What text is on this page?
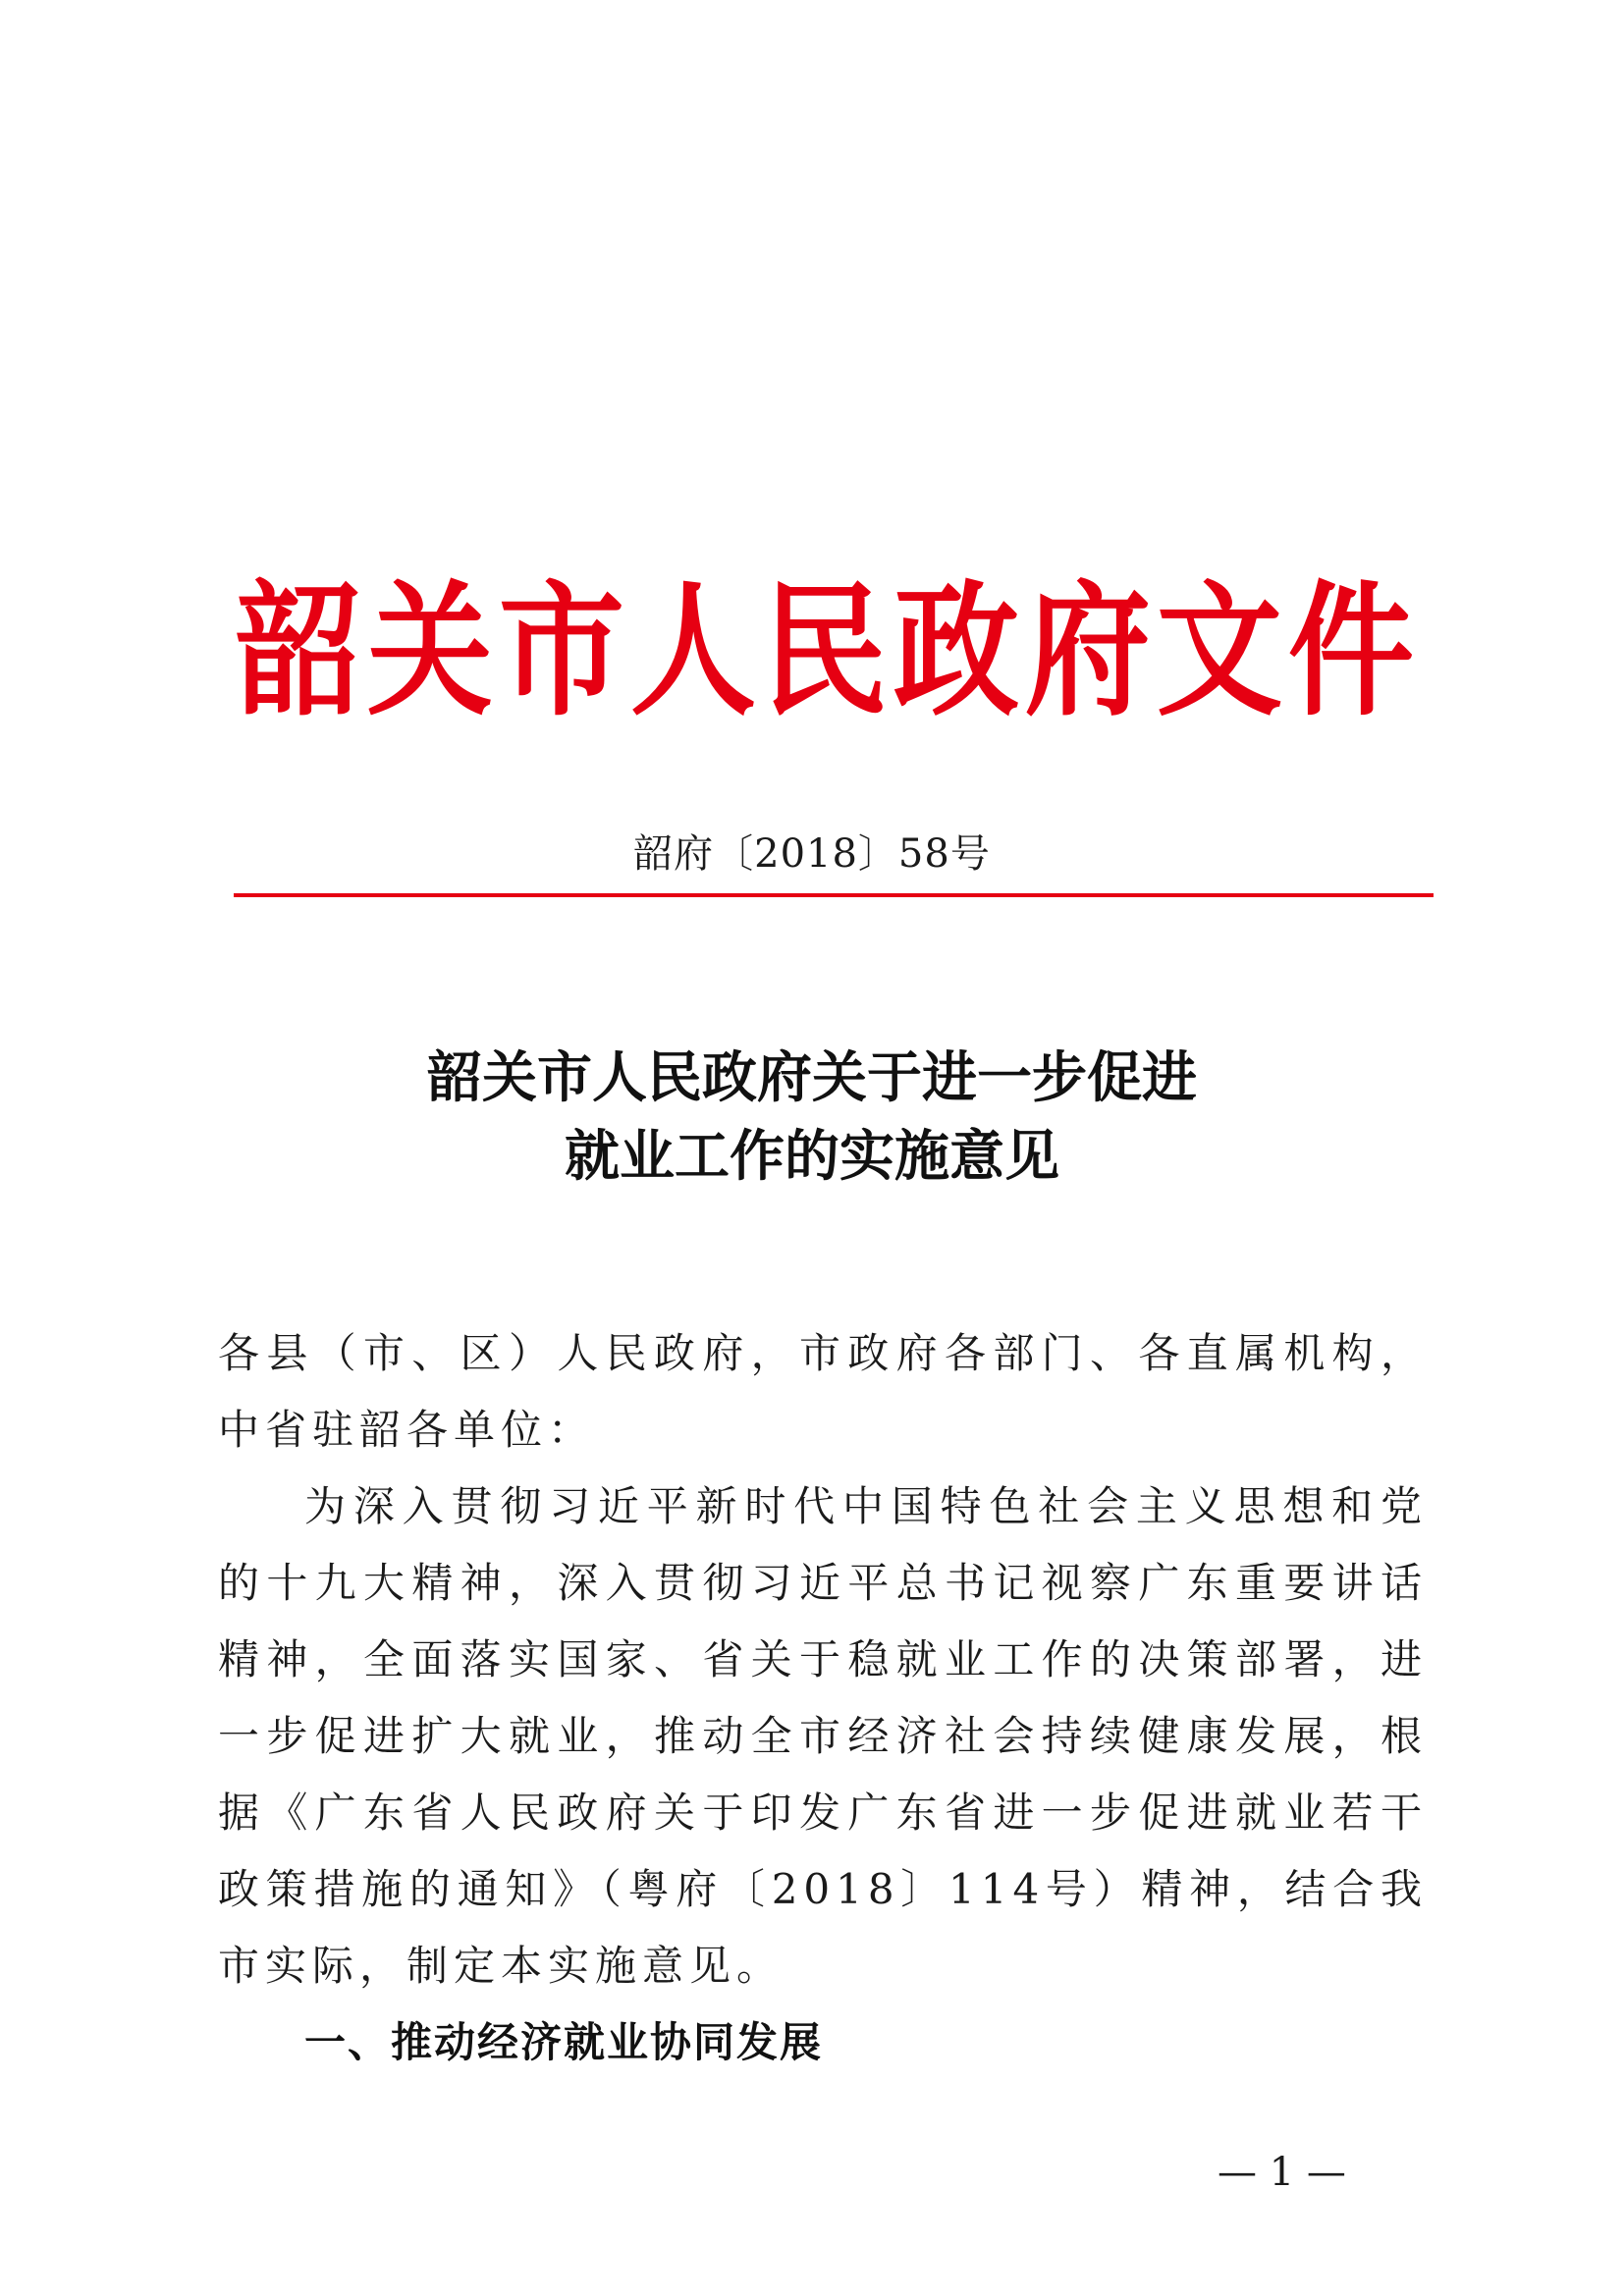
韶 关 市 人 民 政 府 文 件
韶府〔2018〕58号
韶关市人民政府关于进一步促进
就业工作的实施意见

各县（市、区）人民政府，市政府各部门、各直属机构，中省驻韶各单位：

为深入贯彻习近平新时代中国特色社会主义思想和党的十九大精神，深入贯彻习近平总书记视察广东重要讲话精神，全面落实国家、省关于稳就业工作的决策部署，进一步促进扩大就业，推动全市经济社会持续健康发展，根据《广东省人民政府关于印发广东省进一步促进就业若干政策措施的通知》（粤府〔2018〕114号）精神，结合我市实际，制定本实施意见。

一、推动经济就业协同发展

— 1 —
